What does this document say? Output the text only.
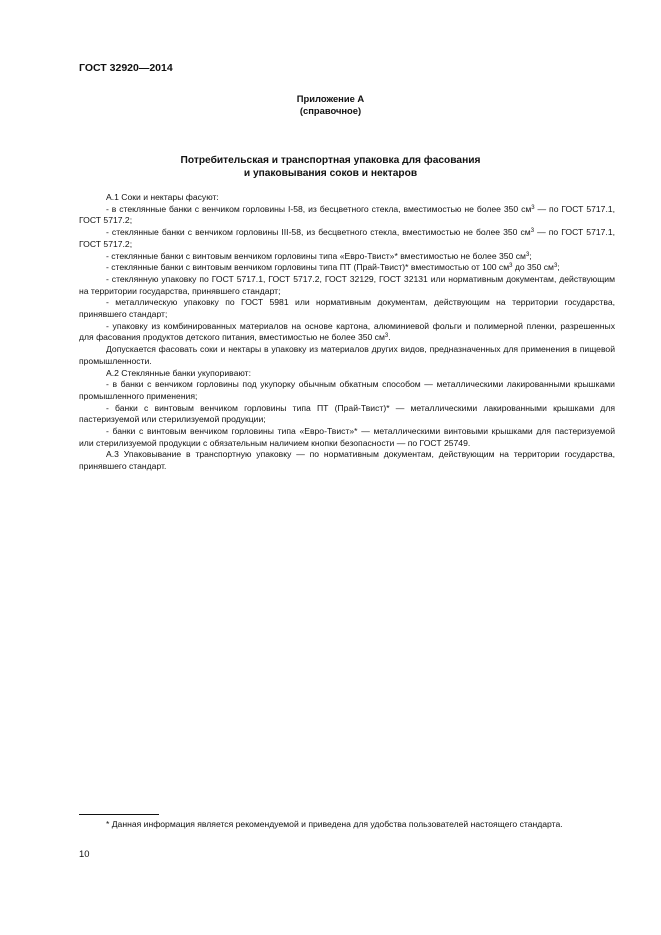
ГОСТ 32920—2014
Приложение А
(справочное)
Потребительская и транспортная упаковка для фасования
и упаковывания соков и нектаров

А.1 Соки и нектары фасуют:

- в стеклянные банки с венчиком горловины I-58, из бесцветного стекла, вместимостью не более 350 $см^3$ — по ГОСТ 5717.1, ГОСТ 5717.2;

- стеклянные банки с венчиком горловины III-58, из бесцветного стекла, вместимостью не более 350 $см^3$ — по ГОСТ 5717.1, ГОСТ 5717.2;

- стеклянные банки с винтовым венчиком горловины типа «Евро-Твист»* вместимостью не более 350 $см^3$;

- стеклянные банки с винтовым венчиком горловины типа ПТ (Прай-Твист)* вместимостью от 100 $см^3$ до 350 $см^3$;

- стеклянную упаковку по ГОСТ 5717.1, ГОСТ 5717.2, ГОСТ 32129, ГОСТ 32131 или нормативным документам, действующим на территории государства, принявшего стандарт;

- металлическую упаковку по ГОСТ 5981 или нормативным документам, действующим на территории государства, принявшего стандарт;

- упаковку из комбинированных материалов на основе картона, алюминиевой фольги и полимерной пленки, разрешенных для фасования продуктов детского питания, вместимостью не более 350 $см^3$.

Допускается фасовать соки и нектары в упаковку из материалов других видов, предназначенных для применения в пищевой промышленности.

А.2 Стеклянные банки укупоривают:

- в банки с венчиком горловины под укупорку обычным обкатным способом — металлическими лакированными крышками промышленного применения;

- банки с винтовым венчиком горловины типа ПТ (Прай-Твист)* — металлическими лакированными крышками для пастеризуемой или стерилизуемой продукции;

- банки с винтовым венчиком горловины типа «Евро-Твист»* — металлическими винтовыми крышками для пастеризуемой или стерилизуемой продукции с обязательным наличием кнопки безопасности — по ГОСТ 25749.

А.3 Упаковывание в транспортную упаковку — по нормативным документам, действующим на территории государства, принявшего стандарт.

* Данная информация является рекомендуемой и приведена для удобства пользователей настоящего стандарта.

10
